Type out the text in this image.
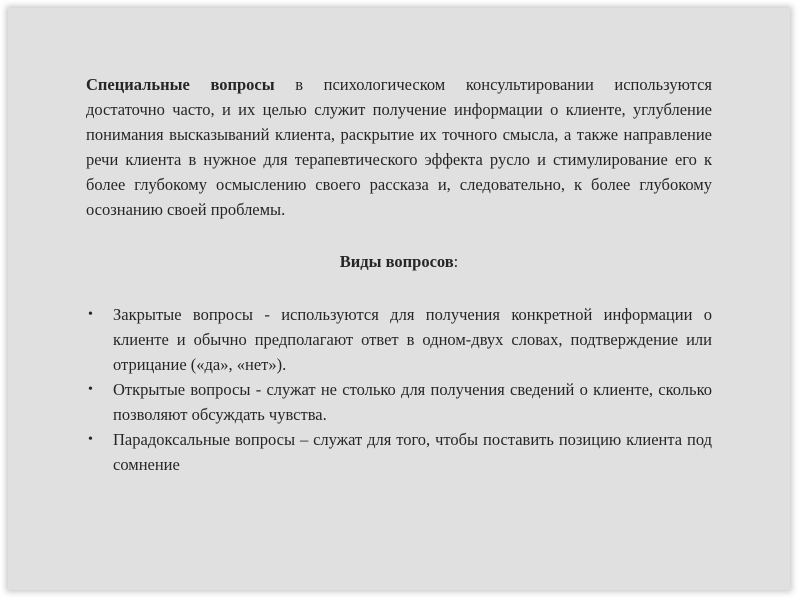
Специальные вопросы в психологическом консультировании используются достаточно часто, и их целью служит получение информации о клиенте, углубление понимания высказываний клиента, раскрытие их точного смысла, а также направление речи клиента в нужное для терапевтического эффекта русло и стимулирование его к более глубокому осмыслению своего рассказа и, следовательно, к более глубокому осознанию своей проблемы.

Виды вопросов:
• Закрытые вопросы - используются для получения конкретной информации о клиенте и обычно предполагают ответ в одном-двух словах, подтверждение или отрицание («да», «нет»).
• Открытые вопросы - служат не столько для получения сведений о клиенте, сколько позволяют обсуждать чувства.
• Парадоксальные вопросы – служат для того, чтобы поставить позицию клиента под сомнение
